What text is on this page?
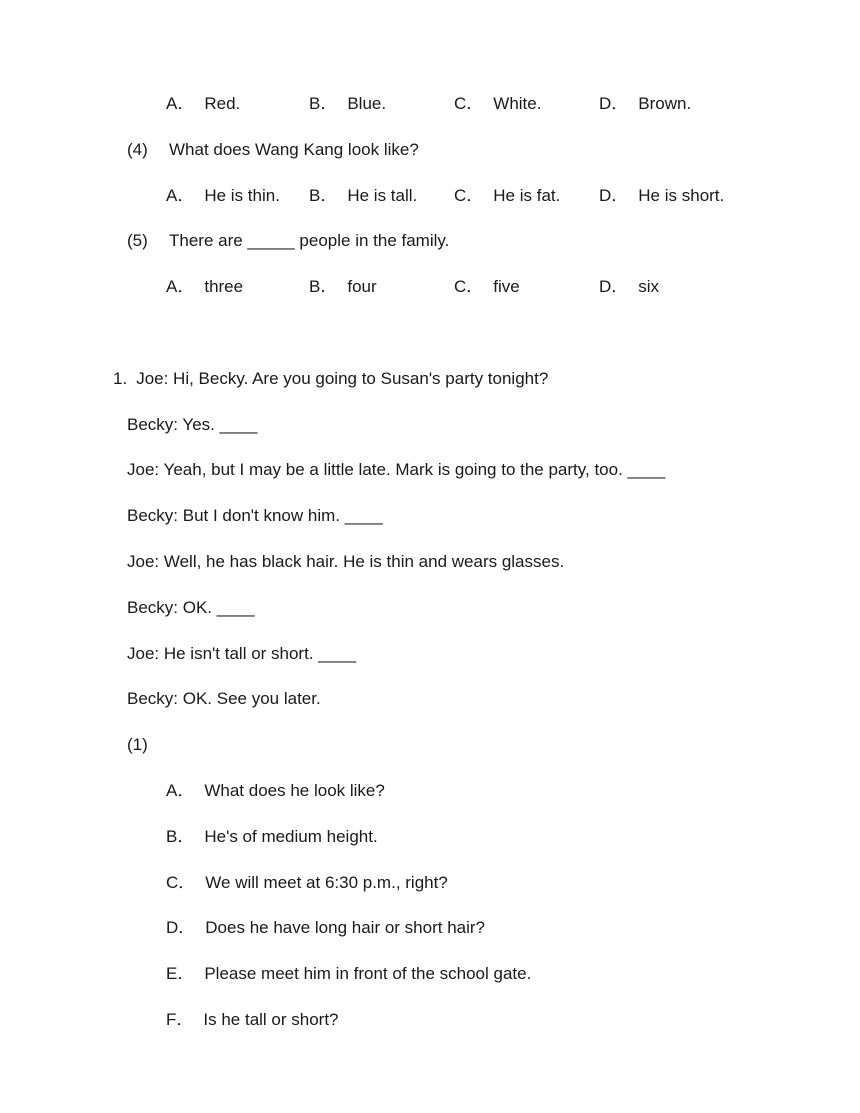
A． Red.	B． Blue.	C． White.	D． Brown.
(4) What does Wang Kang look like?
A． He is thin. B． He is tall. C． He is fat. D． He is short.
(5) There are _____ people in the family.
A． three	B． four	C． five	D． six
1. Joe: Hi, Becky. Are you going to Susan's party tonight?
Becky: Yes. ____
Joe: Yeah, but I may be a little late. Mark is going to the party, too. ____
Becky: But I don't know him. ____
Joe: Well, he has black hair. He is thin and wears glasses.
Becky: OK. ____
Joe: He isn't tall or short. ____
Becky: OK. See you later.
(1)
A． What does he look like?
B． He's of medium height.
C． We will meet at 6:30 p.m., right?
D． Does he have long hair or short hair?
E． Please meet him in front of the school gate.
F． Is he tall or short?
